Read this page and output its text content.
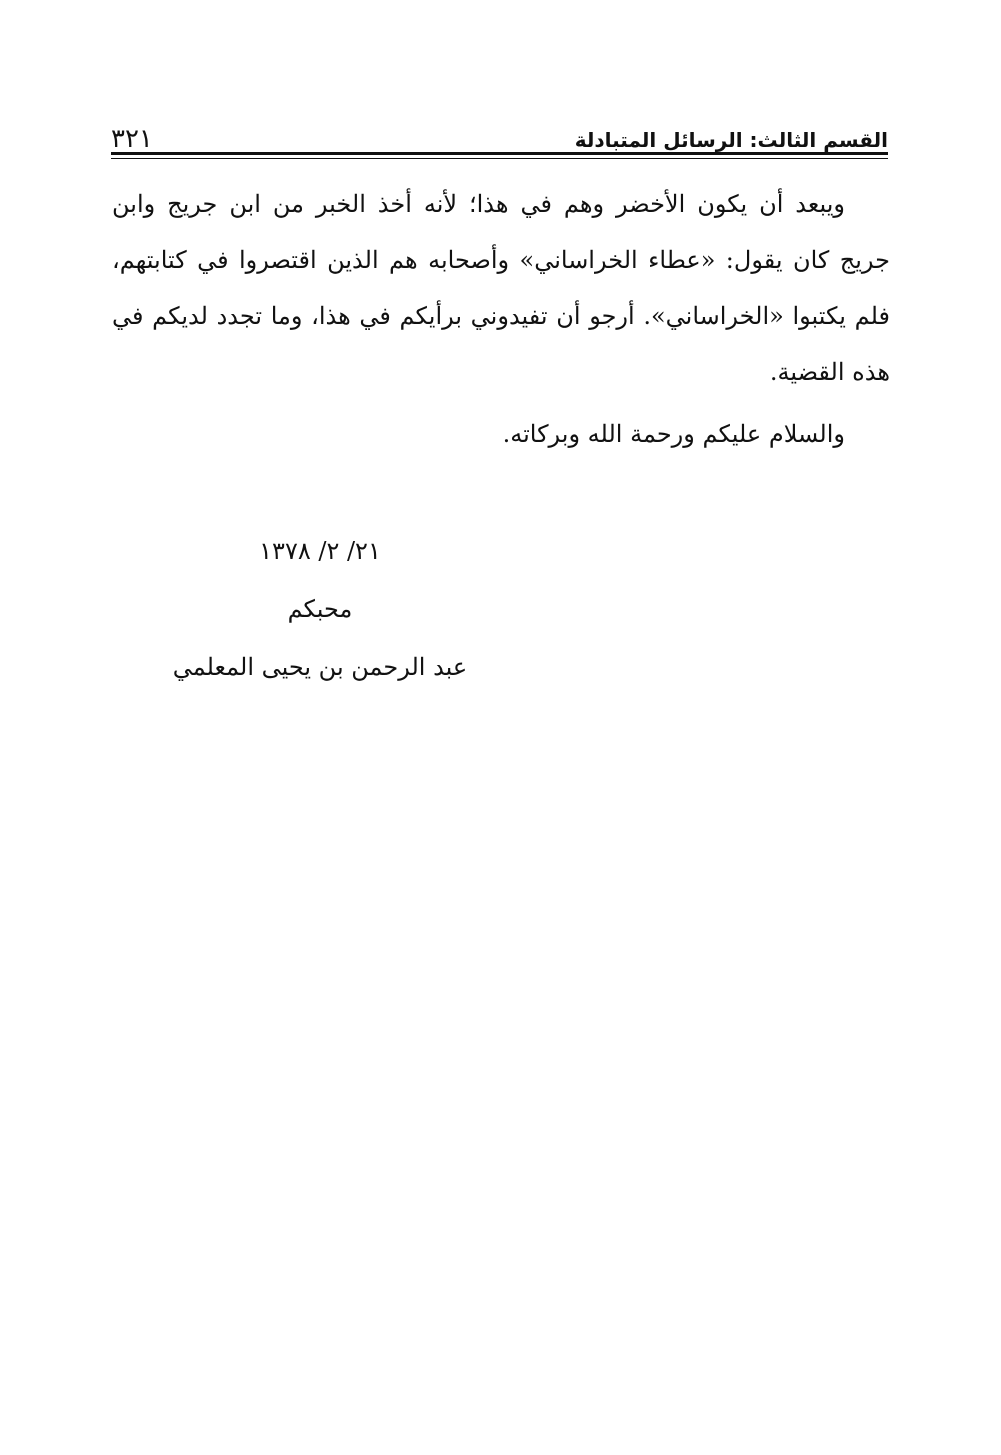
القسم الثالث: الرسائل المتبادلة
٣٢١

ويبعد أن يكون الأخضر وهم في هذا؛ لأنه أخذ الخبر من ابن جريج وابن جريج كان يقول: «عطاء الخراساني» وأصحابه هم الذين اقتصروا في كتابتهم، فلم يكتبوا «الخراساني». أرجو أن تفيدوني برأيكم في هذا، وما تجدد لديكم في هذه القضية.

والسلام عليكم ورحمة الله وبركاته.

٢١/ ٢/ ١٣٧٨
محبكم
عبد الرحمن بن يحيى المعلمي
